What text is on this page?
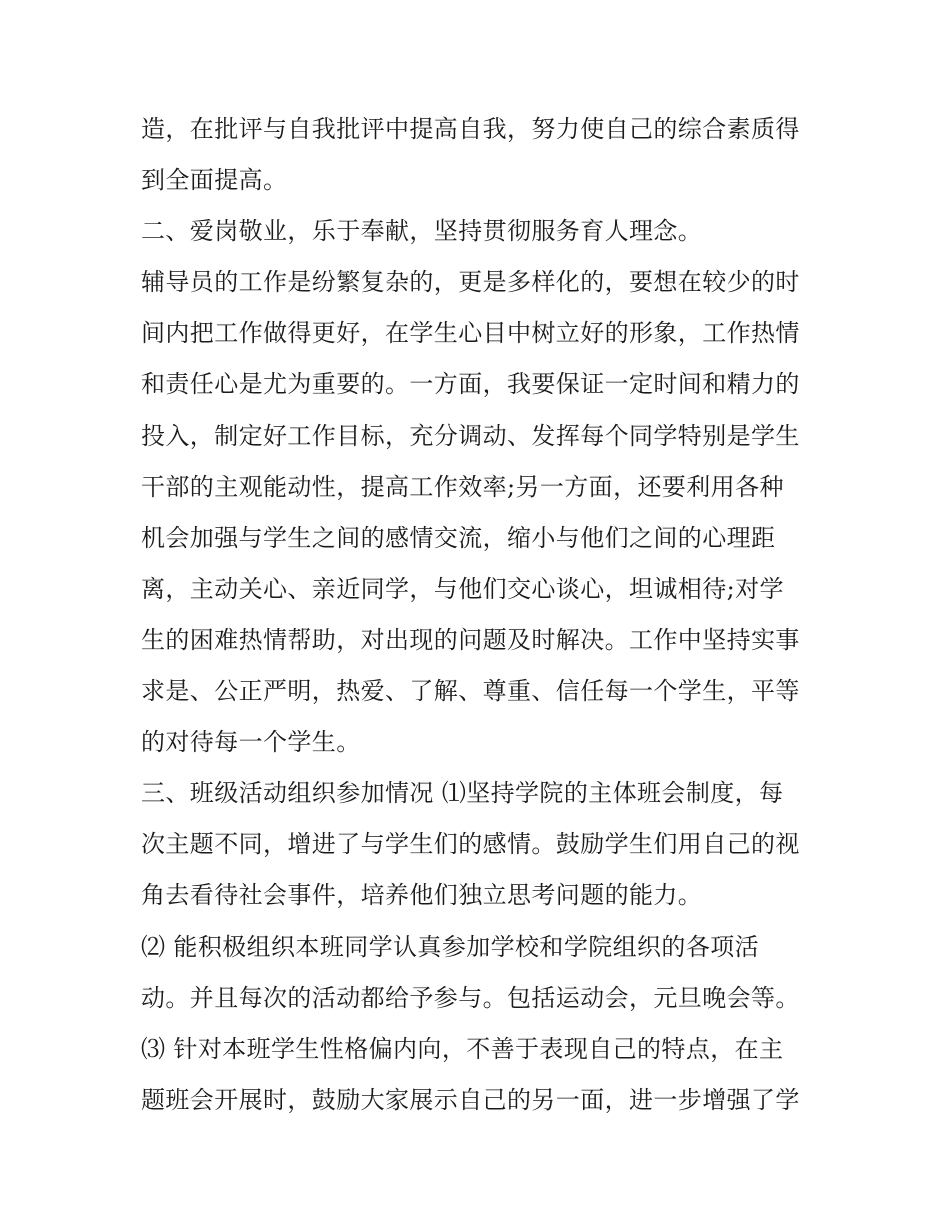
造，在批评与自我批评中提高自我，努力使自己的综合素质得
到全面提高。
二、爱岗敬业，乐于奉献，坚持贯彻服务育人理念。
辅导员的工作是纷繁复杂的，更是多样化的，要想在较少的时
间内把工作做得更好，在学生心目中树立好的形象，工作热情
和责任心是尤为重要的。一方面，我要保证一定时间和精力的
投入，制定好工作目标，充分调动、发挥每个同学特别是学生
干部的主观能动性，提高工作效率;另一方面，还要利用各种
机会加强与学生之间的感情交流，缩小与他们之间的心理距
离，主动关心、亲近同学，与他们交心谈心，坦诚相待;对学
生的困难热情帮助，对出现的问题及时解决。工作中坚持实事
求是、公正严明，热爱、了解、尊重、信任每一个学生，平等
的对待每一个学生。
三、班级活动组织参加情况 ⑴坚持学院的主体班会制度，每
次主题不同，增进了与学生们的感情。鼓励学生们用自己的视
角去看待社会事件，培养他们独立思考问题的能力。
⑵ 能积极组织本班同学认真参加学校和学院组织的各项活
动。并且每次的活动都给予参与。包括运动会，元旦晚会等。
⑶ 针对本班学生性格偏内向，不善于表现自己的特点，在主
题班会开展时，鼓励大家展示自己的另一面，进一步增强了学
